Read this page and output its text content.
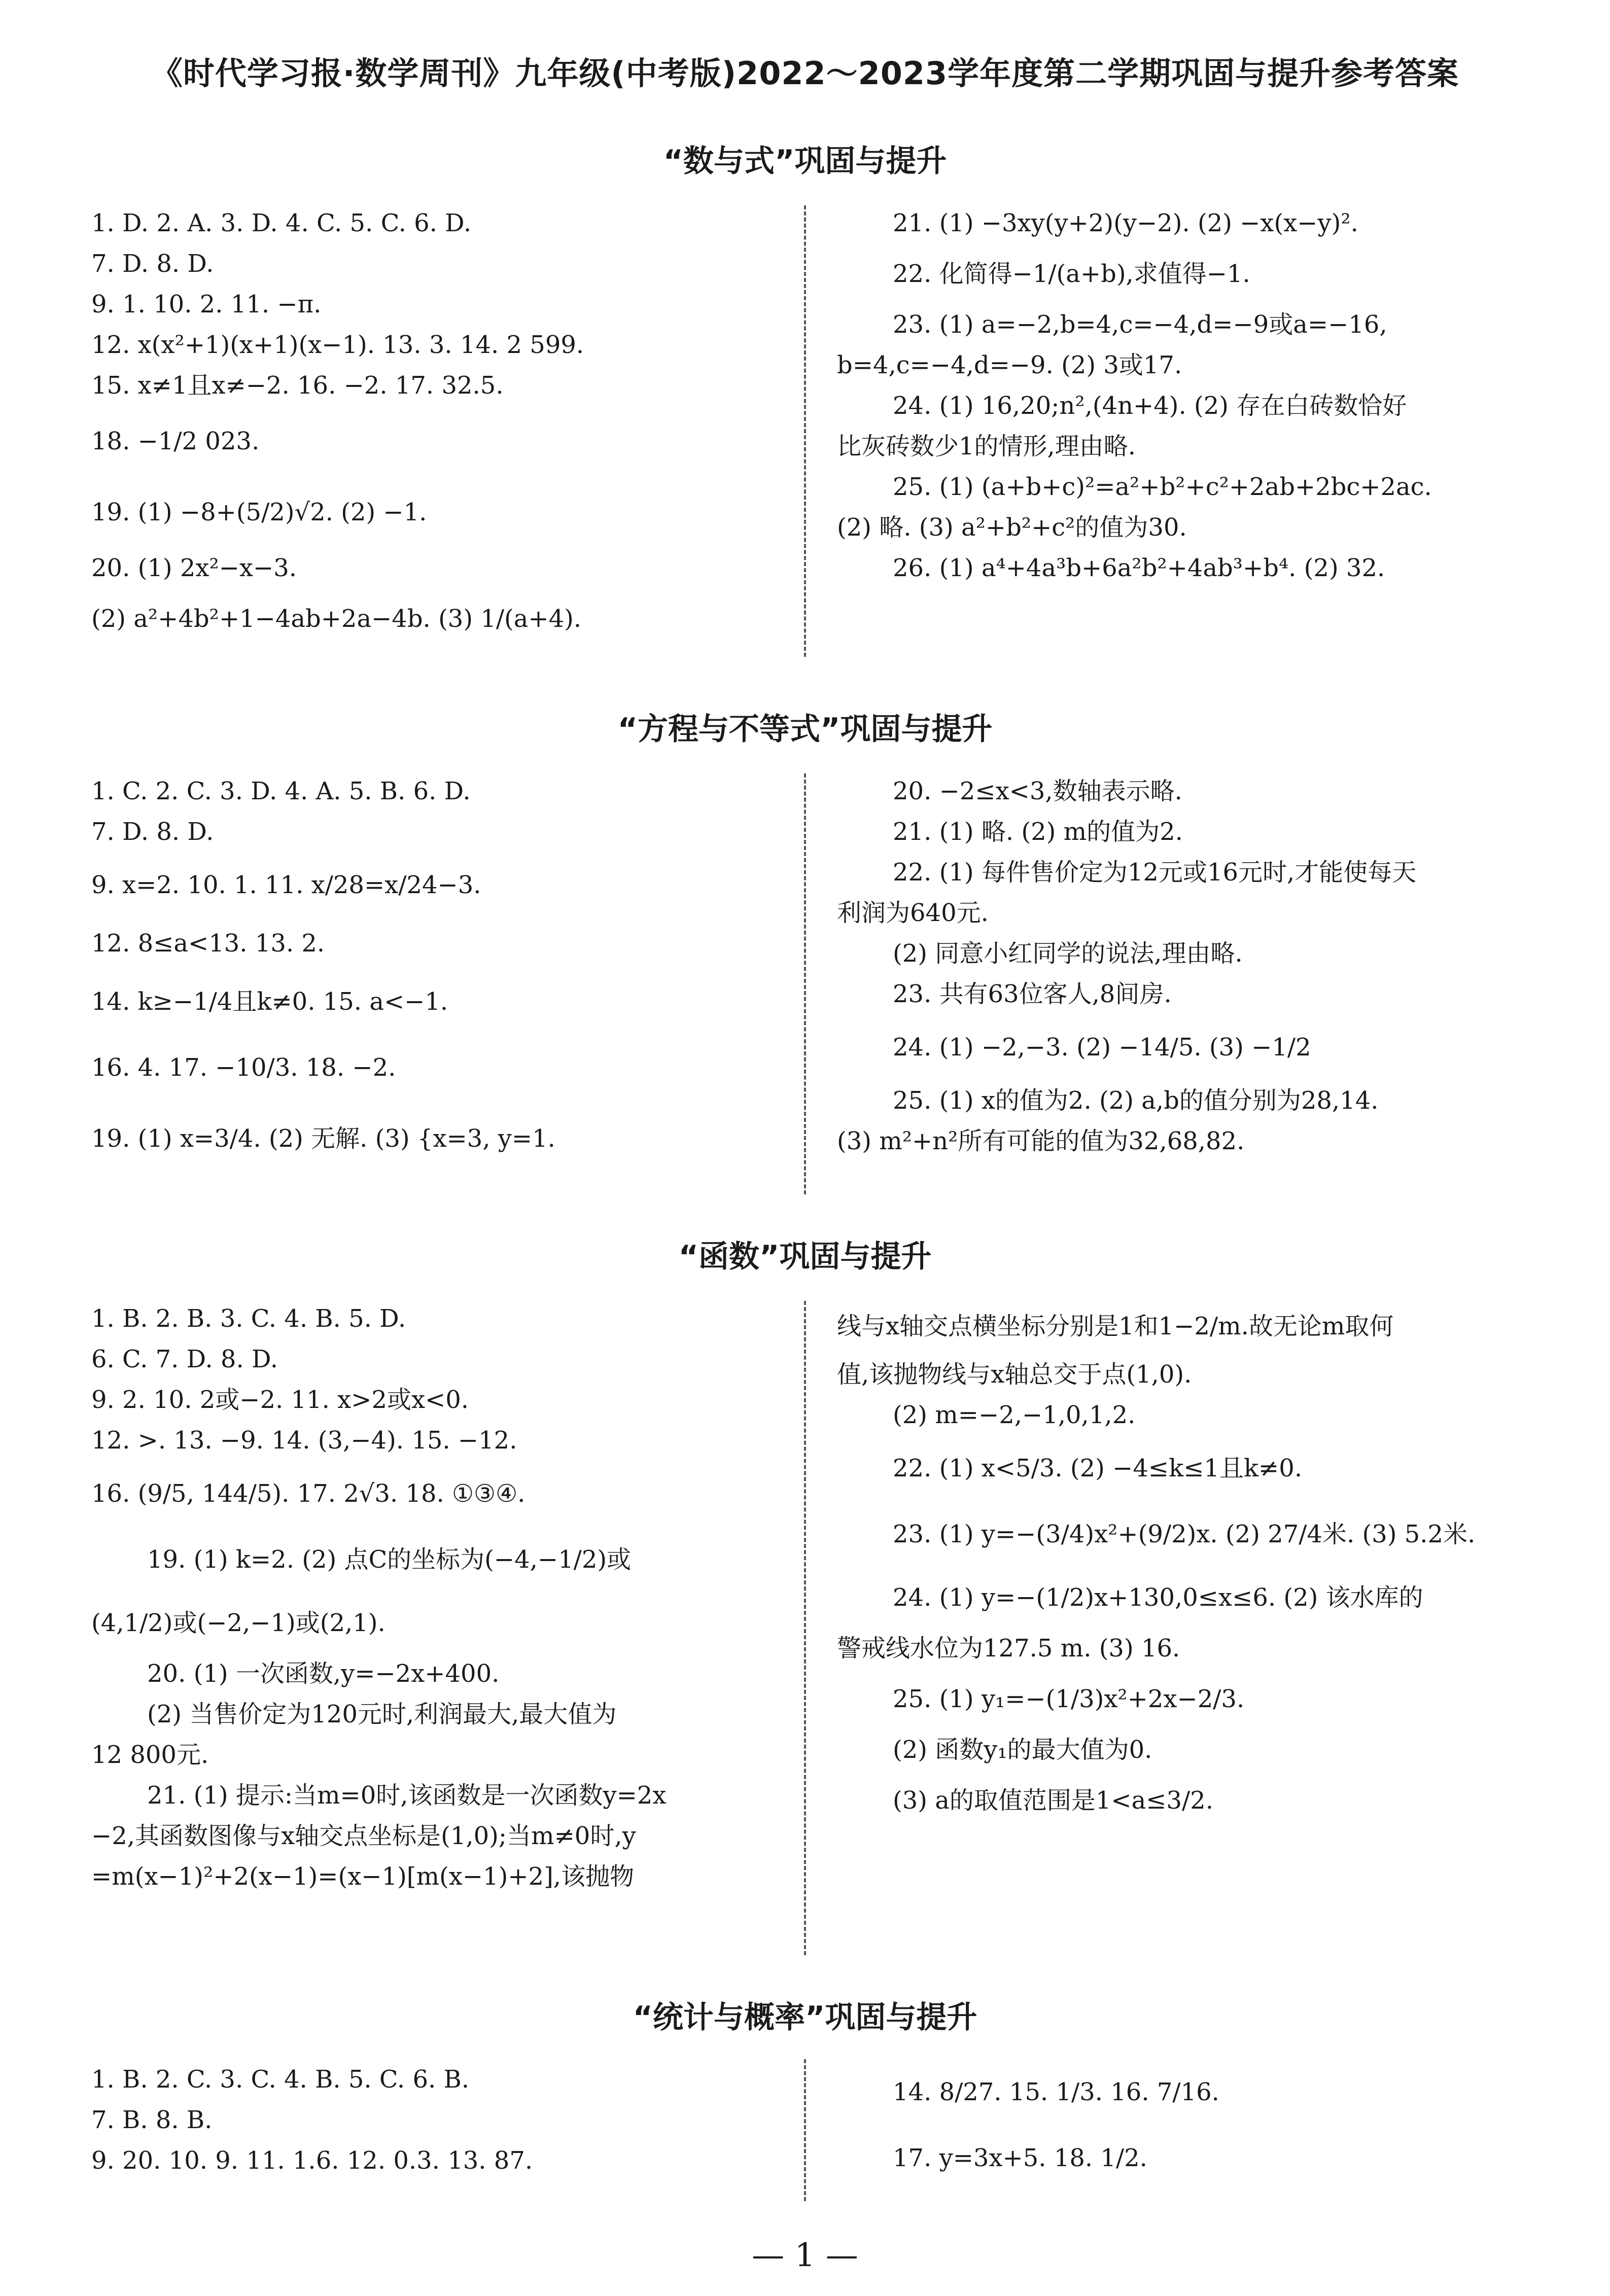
《时代学习报·数学周刊》九年级(中考版)2022～2023学年度第二学期巩固与提升参考答案
“数与式”巩固与提升
1. D. 2. A. 3. D. 4. C. 5. C. 6. D.
7. D. 8. D.
9. 1. 10. 2. 11. −π.
12. x(x²+1)(x+1)(x−1). 13. 3. 14. 2 599.
15. x≠1且x≠−2. 16. −2. 17. 32.5.
18. −1/2 023.
19. (1) −8+(5/2)√2. (2) −1.
20. (1) 2x²−x−3.
(2) a²+4b²+1−4ab+2a−4b. (3) 1/(a+4).
21. (1) −3xy(y+2)(y−2). (2) −x(x−y)².
22. 化简得−1/(a+b),求值得−1.
23. (1) a=−2,b=4,c=−4,d=−9或a=−16,
b=4,c=−4,d=−9. (2) 3或17.
24. (1) 16,20;n²,(4n+4). (2) 存在白砖数恰好
比灰砖数少1的情形,理由略.
25. (1) (a+b+c)²=a²+b²+c²+2ab+2bc+2ac.
(2) 略. (3) a²+b²+c²的值为30.
26. (1) a⁴+4a³b+6a²b²+4ab³+b⁴. (2) 32.
“方程与不等式”巩固与提升
1. C. 2. C. 3. D. 4. A. 5. B. 6. D.
7. D. 8. D.
9. x=2. 10. 1. 11. x/28=x/24−3.
12. 8≤a<13. 13. 2.
14. k≥−1/4且k≠0. 15. a<−1.
16. 4. 17. −10/3. 18. −2.
19. (1) x=3/4. (2) 无解. (3) {x=3, y=1.
20. −2≤x<3,数轴表示略.
21. (1) 略. (2) m的值为2.
22. (1) 每件售价定为12元或16元时,才能使每天
利润为640元.
(2) 同意小红同学的说法,理由略.
23. 共有63位客人,8间房.
24. (1) −2,−3. (2) −14/5. (3) −1/2
25. (1) x的值为2. (2) a,b的值分别为28,14.
(3) m²+n²所有可能的值为32,68,82.
“函数”巩固与提升
1. B. 2. B. 3. C. 4. B. 5. D.
6. C. 7. D. 8. D.
9. 2. 10. 2或−2. 11. x>2或x<0.
12. >. 13. −9. 14. (3,−4). 15. −12.
16. (9/5, 144/5). 17. 2√3. 18. ①③④.
19. (1) k=2. (2) 点C的坐标为(−4,−1/2)或
(4,1/2)或(−2,−1)或(2,1).
20. (1) 一次函数,y=−2x+400.
(2) 当售价定为120元时,利润最大,最大值为
12 800元.
21. (1) 提示:当m=0时,该函数是一次函数y=2x
−2,其函数图像与x轴交点坐标是(1,0);当m≠0时,y
=m(x−1)²+2(x−1)=(x−1)[m(x−1)+2],该抛物
线与x轴交点横坐标分别是1和1−2/m.故无论m取何
值,该抛物线与x轴总交于点(1,0).
(2) m=−2,−1,0,1,2.
22. (1) x<5/3. (2) −4≤k≤1且k≠0.
23. (1) y=−(3/4)x²+(9/2)x. (2) 27/4米. (3) 5.2米.
24. (1) y=−(1/2)x+130,0≤x≤6. (2) 该水库的
警戒线水位为127.5 m. (3) 16.
25. (1) y₁=−(1/3)x²+2x−2/3.
(2) 函数y₁的最大值为0.
(3) a的取值范围是1<a≤3/2.
“统计与概率”巩固与提升
1. B. 2. C. 3. C. 4. B. 5. C. 6. B.
7. B. 8. B.
9. 20. 10. 9. 11. 1.6. 12. 0.3. 13. 87.
14. 8/27. 15. 1/3. 16. 7/16.
17. y=3x+5. 18. 1/2.
— 1 —
